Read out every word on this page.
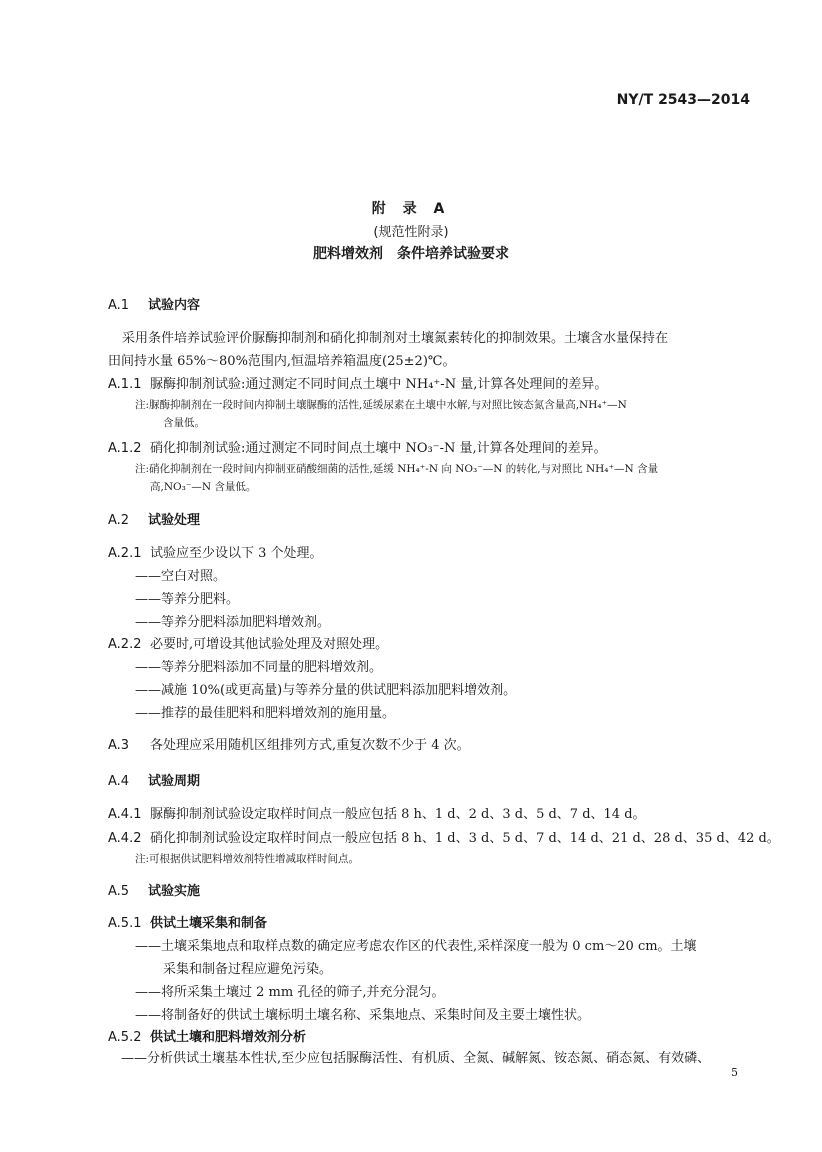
NY/T 2543—2014
附 录 A
(规范性附录)
肥料增效剂　条件培养试验要求
A.1 试验内容
采用条件培养试验评价脲酶抑制剂和硝化抑制剂对土壤氮素转化的抑制效果。土壤含水量保持在
田间持水量 65%～80%范围内,恒温培养箱温度(25±2)℃。
A.1.1 脲酶抑制剂试验:通过测定不同时间点土壤中 NH₄⁺-N 量,计算各处理间的差异。
注:脲酶抑制剂在一段时间内抑制土壤脲酶的活性,延缓尿素在土壤中水解,与对照比铵态氮含量高,NH₄⁺—N
含量低。
A.1.2 硝化抑制剂试验:通过测定不同时间点土壤中 NO₃⁻-N 量,计算各处理间的差异。
注:硝化抑制剂在一段时间内抑制亚硝酸细菌的活性,延缓 NH₄⁺-N 向 NO₃⁻—N 的转化,与对照比 NH₄⁺—N 含量
高,NO₃⁻—N 含量低。
A.2 试验处理
A.2.1 试验应至少设以下 3 个处理。
——空白对照。
——等养分肥料。
——等养分肥料添加肥料增效剂。
A.2.2 必要时,可增设其他试验处理及对照处理。
——等养分肥料添加不同量的肥料增效剂。
——减施 10%(或更高量)与等养分量的供试肥料添加肥料增效剂。
——推荐的最佳肥料和肥料增效剂的施用量。
A.3 各处理应采用随机区组排列方式,重复次数不少于 4 次。
A.4 试验周期
A.4.1 脲酶抑制剂试验设定取样时间点一般应包括 8 h、1 d、2 d、3 d、5 d、7 d、14 d。
A.4.2 硝化抑制剂试验设定取样时间点一般应包括 8 h、1 d、3 d、5 d、7 d、14 d、21 d、28 d、35 d、42 d。
注:可根据供试肥料增效剂特性增减取样时间点。
A.5 试验实施
A.5.1 供试土壤采集和制备
——土壤采集地点和取样点数的确定应考虑农作区的代表性,采样深度一般为 0 cm～20 cm。土壤
采集和制备过程应避免污染。
——将所采集土壤过 2 mm 孔径的筛子,并充分混匀。
——将制备好的供试土壤标明土壤名称、采集地点、采集时间及主要土壤性状。
A.5.2 供试土壤和肥料增效剂分析
——分析供试土壤基本性状,至少应包括脲酶活性、有机质、全氮、碱解氮、铵态氮、硝态氮、有效磷、
5
